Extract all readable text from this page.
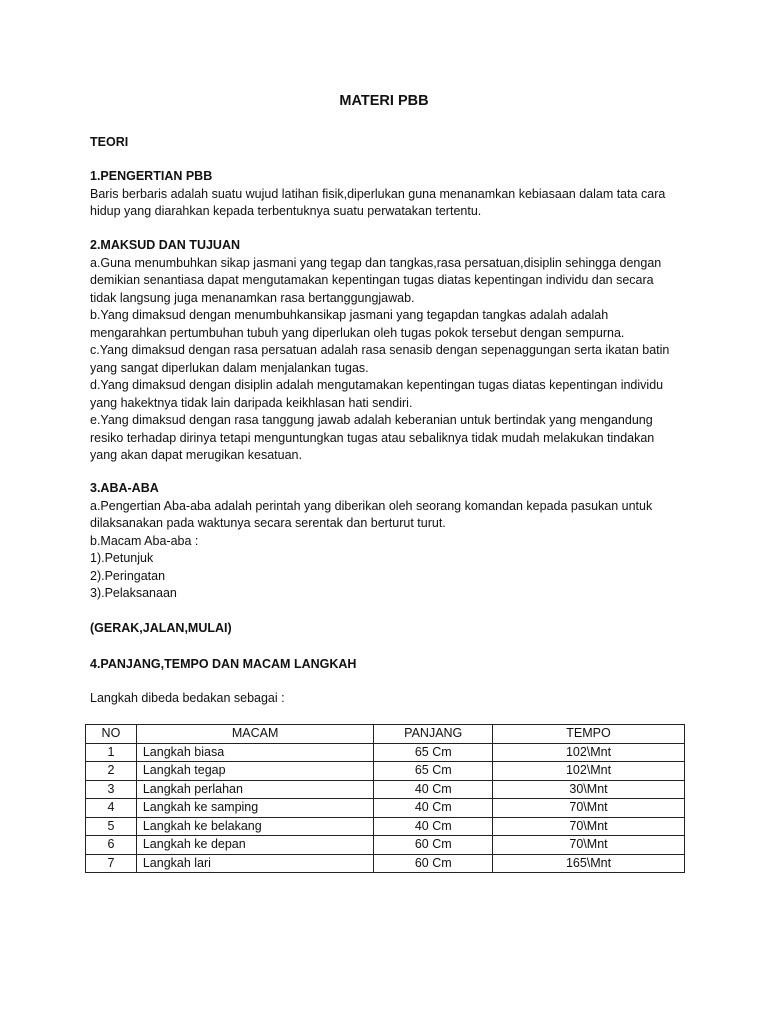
MATERI PBB
TEORI

1.PENGERTIAN PBB

Baris berbaris adalah suatu wujud latihan fisik,diperlukan guna menanamkan kebiasaan dalam tata cara

hidup yang diarahkan kepada terbentuknya suatu perwatakan tertentu.

2.MAKSUD DAN TUJUAN

a.Guna menumbuhkan sikap jasmani yang tegap dan tangkas,rasa persatuan,disiplin sehingga dengan

demikian senantiasa dapat mengutamakan kepentingan tugas diatas kepentingan individu dan secara

tidak langsung juga menanamkan rasa bertanggungjawab.

b.Yang dimaksud dengan menumbuhkansikap jasmani yang tegapdan tangkas adalah adalah

mengarahkan pertumbuhan tubuh yang diperlukan oleh tugas pokok tersebut dengan sempurna.

c.Yang dimaksud dengan rasa persatuan adalah rasa senasib dengan sepenaggungan serta ikatan batin

yang sangat diperlukan dalam menjalankan tugas.

d.Yang dimaksud dengan disiplin adalah mengutamakan kepentingan tugas diatas kepentingan individu

yang hakektnya tidak lain daripada keikhlasan hati sendiri.

e.Yang dimaksud dengan rasa tanggung jawab adalah keberanian untuk bertindak yang mengandung

resiko terhadap dirinya tetapi menguntungkan tugas atau sebaliknya tidak mudah melakukan tindakan

yang akan dapat merugikan kesatuan.

3.ABA-ABA

a.Pengertian Aba-aba adalah perintah yang diberikan oleh seorang komandan kepada pasukan untuk

dilaksanakan pada waktunya secara serentak dan berturut turut.

b.Macam Aba-aba :

1).Petunjuk

2).Peringatan

3).Pelaksanaan

(GERAK,JALAN,MULAI)
4.PANJANG,TEMPO DAN MACAM LANGKAH
Langkah dibeda bedakan sebagai :
NO	MACAM	PANJANG	TEMPO
1	Langkah biasa	65 Cm	102\Mnt
2	Langkah tegap	65 Cm	102\Mnt
3	Langkah perlahan	40 Cm	30\Mnt
4	Langkah ke samping	40 Cm	70\Mnt
5	Langkah ke belakang	40 Cm	70\Mnt
6	Langkah ke depan	60 Cm	70\Mnt
7	Langkah lari	60 Cm	165\Mnt
